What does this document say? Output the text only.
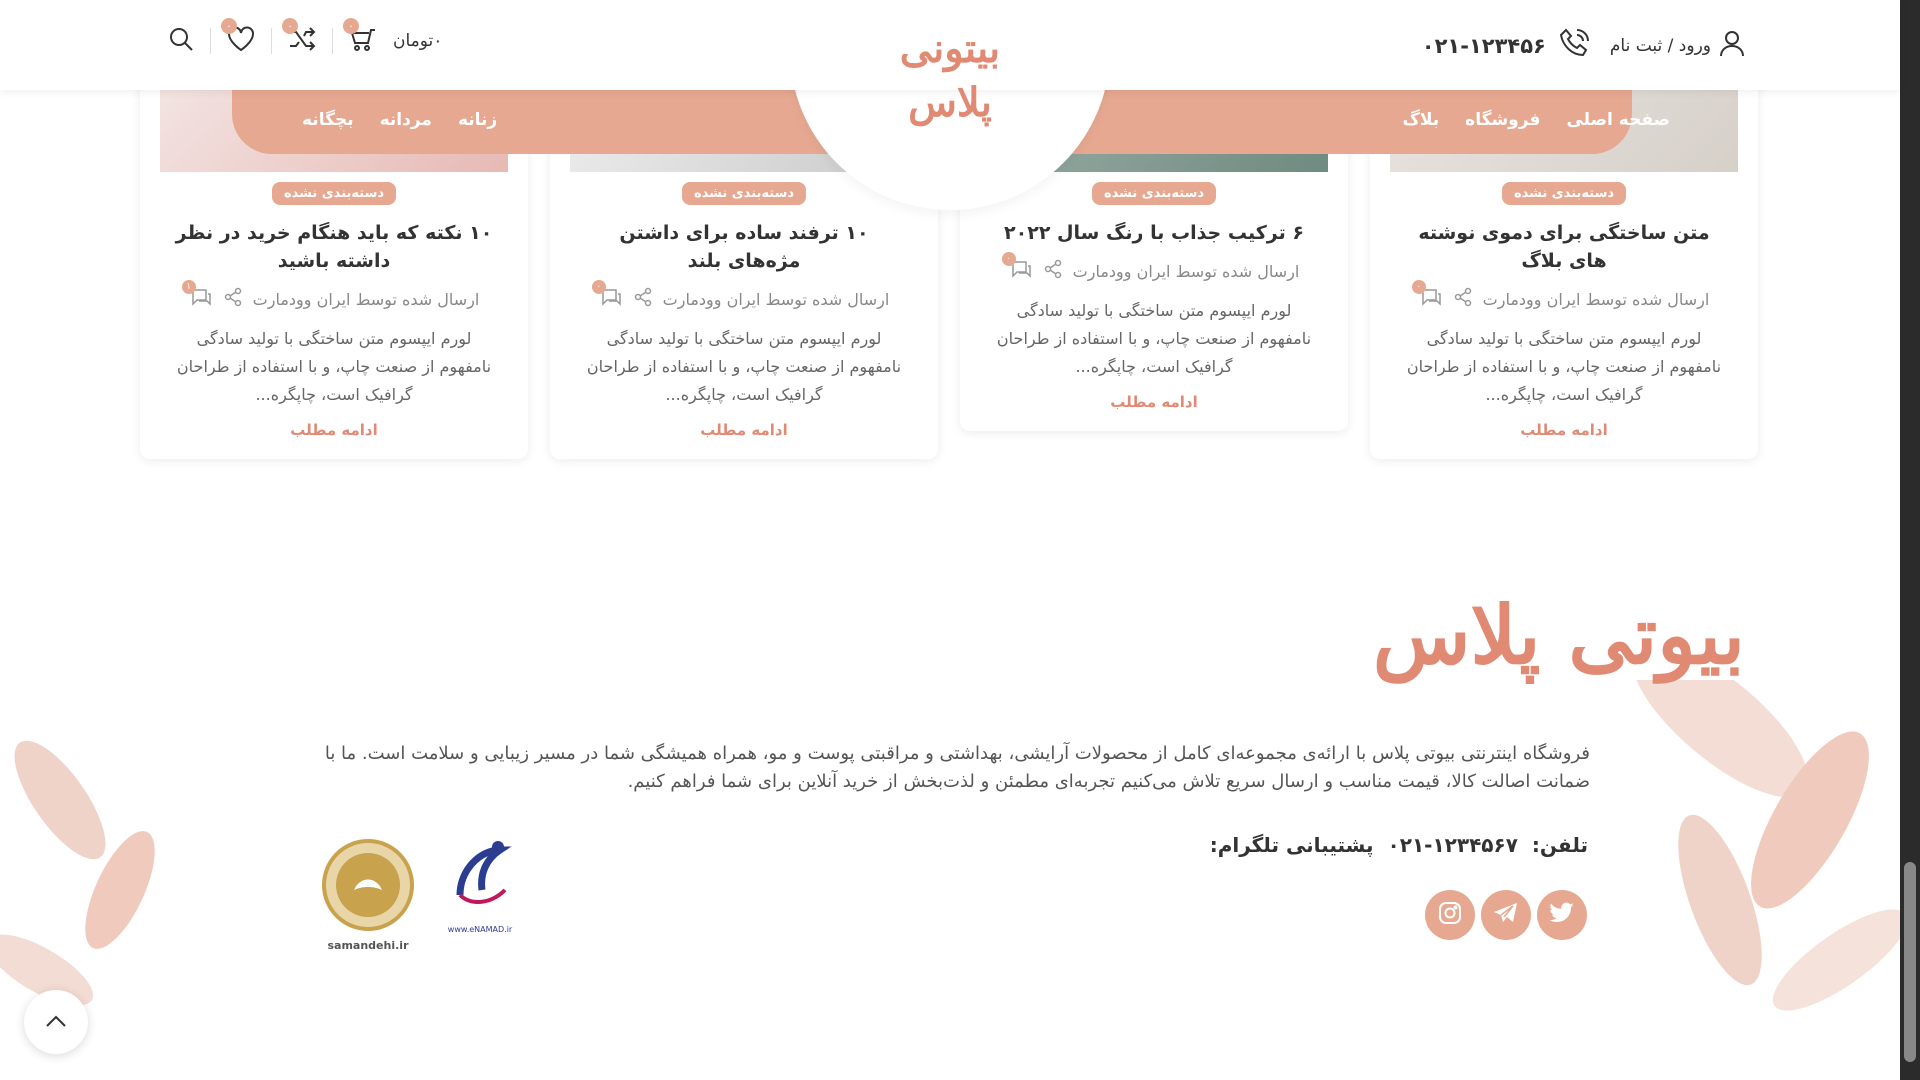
ورود / ثبت نام
۰۲۱-۱۲۳۴۵۶
۰	۰	۰
۰تومان	بیتونی
پلاس	صفحه اصلی
فروشگاه
بلاگ
زنانه
مردانه
بچگانه
دسته‌بندی نشده
متن ساختگی برای دموی نوشته های بلاگ
ارسال شده توسط ایران وودمارت
۰
لورم ایپسوم متن ساختگی با تولید سادگی نامفهوم از صنعت چاپ، و با استفاده از طراحان گرافیک است، چاپگره...
ادامه مطلب
دسته‌بندی نشده
۶ ترکیب جذاب با رنگ سال ۲۰۲۲
ارسال شده توسط ایران وودمارت
۰
لورم ایپسوم متن ساختگی با تولید سادگی نامفهوم از صنعت چاپ، و با استفاده از طراحان گرافیک است، چاپگره...
ادامه مطلب
دسته‌بندی نشده
۱۰ ترفند ساده برای داشتن مژه‌های بلند
ارسال شده توسط ایران وودمارت
۰
لورم ایپسوم متن ساختگی با تولید سادگی نامفهوم از صنعت چاپ، و با استفاده از طراحان گرافیک است، چاپگره...
ادامه مطلب
دسته‌بندی نشده
۱۰ نکته که باید هنگام خرید در نظر داشته باشید
ارسال شده توسط ایران وودمارت
۱
لورم ایپسوم متن ساختگی با تولید سادگی نامفهوم از صنعت چاپ، و با استفاده از طراحان گرافیک است، چاپگره...
ادامه مطلب
بیوتی پلاس
فروشگاه اینترنتی بیوتی پلاس با ارائه‌ی مجموعه‌ای کامل از محصولات آرایشی، بهداشتی و مراقبتی پوست و مو، همراه همیشگی شما در مسیر زیبایی و سلامت است. ما با ضمانت اصالت کالا، قیمت مناسب و ارسال سریع تلاش می‌کنیم تجربه‌ای مطمئن و لذت‌بخش از خرید آنلاین برای شما فراهم کنیم.
تلفن:
۰۲۱-۱۲۳۴۵۶۷
پشتیبانی تلگرام:
www.eNAMAD.ir
samandehi.ir
